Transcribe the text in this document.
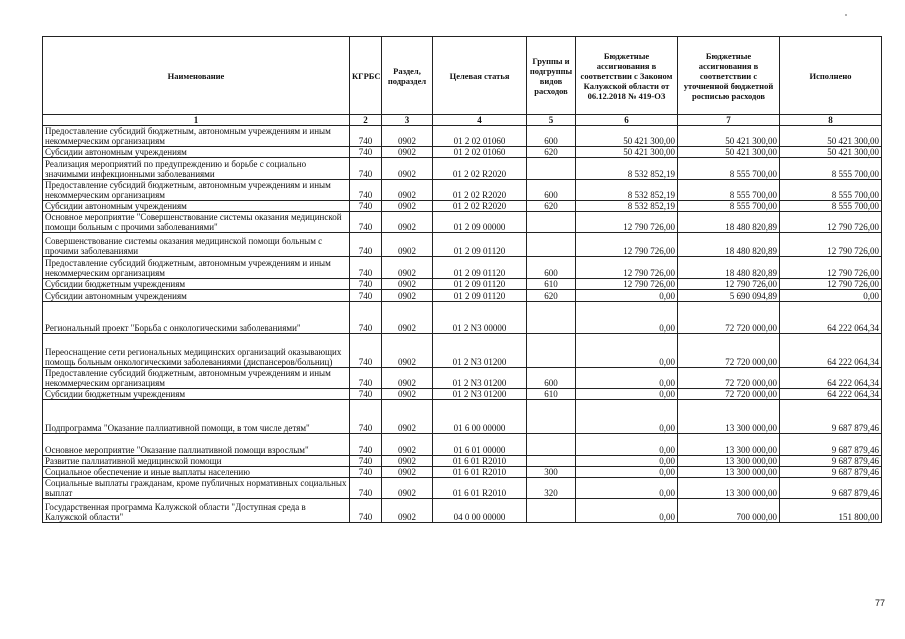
Наименование	КГРБС	Раздел, подраздел	Целевая статья	Группы и подгруппы видов расходов	Бюджетные ассигнования в соответствии с Законом Калужской области от 06.12.2018 № 419-ОЗ	Бюджетные ассигнования в соответствии с уточненной бюджетной росписью расходов	Исполнено
1	2	3	4	5	6	7	8
Предоставление субсидий бюджетным, автономным учреждениям и иным некоммерческим организациям	740	0902	01 2 02 01060	600	50 421 300,00	50 421 300,00	50 421 300,00
Субсидии автономным учреждениям	740	0902	01 2 02 01060	620	50 421 300,00	50 421 300,00	50 421 300,00
Реализация мероприятий по предупреждению и борьбе с социально значимыми инфекционными заболеваниями	740	0902	01 2 02 R2020		8 532 852,19	8 555 700,00	8 555 700,00
Предоставление субсидий бюджетным, автономным учреждениям и иным некоммерческим организациям	740	0902	01 2 02 R2020	600	8 532 852,19	8 555 700,00	8 555 700,00
Субсидии автономным учреждениям	740	0902	01 2 02 R2020	620	8 532 852,19	8 555 700,00	8 555 700,00
Основное мероприятие "Совершенствование системы оказания медицинской помощи больным с прочими заболеваниями"	740	0902	01 2 09 00000		12 790 726,00	18 480 820,89	12 790 726,00
Совершенствование системы оказания медицинской помощи больным с прочими заболеваниями	740	0902	01 2 09 01120		12 790 726,00	18 480 820,89	12 790 726,00
Предоставление субсидий бюджетным, автономным учреждениям и иным некоммерческим организациям	740	0902	01 2 09 01120	600	12 790 726,00	18 480 820,89	12 790 726,00
Субсидии бюджетным учреждениям	740	0902	01 2 09 01120	610	12 790 726,00	12 790 726,00	12 790 726,00
Субсидии автономным учреждениям	740	0902	01 2 09 01120	620	0,00	5 690 094,89	0,00
Региональный проект "Борьба с онкологическими заболеваниями"	740	0902	01 2 N3 00000		0,00	72 720 000,00	64 222 064,34
Переоснащение сети региональных медицинских организаций оказывающих помощь больным онкологическими заболеваниями (диспансеров/больниц)	740	0902	01 2 N3 01200		0,00	72 720 000,00	64 222 064,34
Предоставление субсидий бюджетным, автономным учреждениям и иным некоммерческим организациям	740	0902	01 2 N3 01200	600	0,00	72 720 000,00	64 222 064,34
Субсидии бюджетным учреждениям	740	0902	01 2 N3 01200	610	0,00	72 720 000,00	64 222 064,34
Подпрограмма "Оказание паллиативной помощи, в том числе детям"	740	0902	01 6 00 00000		0,00	13 300 000,00	9 687 879,46
Основное мероприятие "Оказание паллиативной помощи взрослым"	740	0902	01 6 01 00000		0,00	13 300 000,00	9 687 879,46
Развитие паллиативной медицинской помощи	740	0902	01 6 01 R2010		0,00	13 300 000,00	9 687 879,46
Социальное обеспечение и иные выплаты населению	740	0902	01 6 01 R2010	300	0,00	13 300 000,00	9 687 879,46
Социальные выплаты гражданам, кроме публичных нормативных социальных выплат	740	0902	01 6 01 R2010	320	0,00	13 300 000,00	9 687 879,46
Государственная программа Калужской области "Доступная среда в Калужской области"	740	0902	04 0 00 00000		0,00	700 000,00	151 800,00
77
